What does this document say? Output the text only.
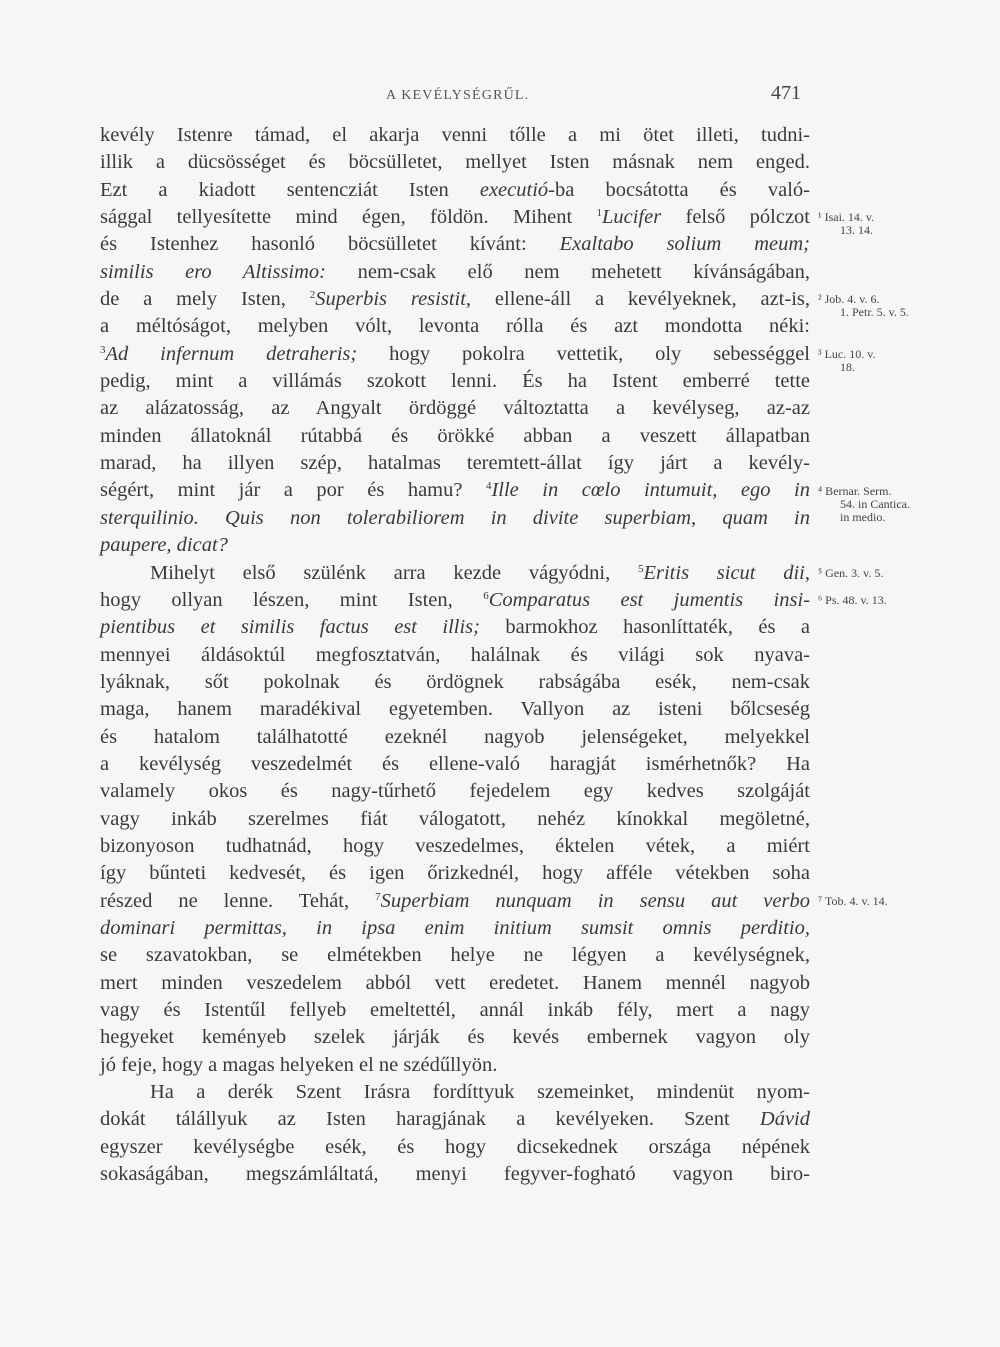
A KEVÉLYSÉGRŰL.	471
kevély Istenre támad, el akarja venni tőlle a mi ötet illeti, tudni-
illik a dücsösséget és böcsülletet, mellyet Isten másnak nem enged.
Ezt a kiadott sentencziát Isten executió-ba bocsátotta és való-
sággal tellyesítette mind égen, földön. Mihent $^1$Lucifer felső pólczot
és Istenhez hasonló böcsülletet kívánt: Exaltabo solium meum;
similis ero Altissimo: nem-csak elő nem mehetett kívánságában,
de a mely Isten, $^2$Superbis resistit, ellene-áll a kevélyeknek, azt-is,
a méltóságot, melyben vólt, levonta rólla és azt mondotta néki:
$^3$Ad infernum detraheris; hogy pokolra vettetik, oly sebességgel
pedig, mint a villámás szokott lenni. És ha Istent emberré tette
az alázatosság, az Angyalt ördöggé változtatta a kevélyseg, az-az
minden állatoknál rútabbá és örökké abban a veszett állapatban
marad, ha illyen szép, hatalmas teremtett-állat így járt a kevély-
ségért, mint jár a por és hamu? $^4$Ille in cœlo intumuit, ego in
sterquilinio. Quis non tolerabiliorem in divite superbiam, quam in
paupere, dicat?
Mihelyt első szülénk arra kezde vágyódni, $^5$Eritis sicut dii,
hogy ollyan lészen, mint Isten, $^6$Comparatus est jumentis insi-
pientibus et similis factus est illis; barmokhoz hasonlíttaték, és a
mennyei áldásoktúl megfosztatván, halálnak és világi sok nyava-
lyáknak, sőt pokolnak és ördögnek rabságába esék, nem-csak
maga, hanem maradékival egyetemben. Vallyon az isteni bőlcseség
és hatalom találhatotté ezeknél nagyob jelenségeket, melyekkel
a kevélység veszedelmét és ellene-való haragját ismérhetnők? Ha
valamely okos és nagy-tűrhető fejedelem egy kedves szolgáját
vagy inkáb szerelmes fiát válogatott, nehéz kínokkal megöletné,
bizonyoson tudhatnád, hogy veszedelmes, éktelen vétek, a miért
így bűnteti kedvesét, és igen őrizkednél, hogy afféle vétekben soha
részed ne lenne. Tehát, $^7$Superbiam nunquam in sensu aut verbo
dominari permittas, in ipsa enim initium sumsit omnis perditio,
se szavatokban, se elmétekben helye ne légyen a kevélységnek,
mert minden veszedelem abból vett eredetet. Hanem mennél nagyob
vagy és Istentűl fellyeb emeltettél, annál inkáb fély, mert a nagy
hegyeket keményeb szelek járják és kevés embernek vagyon oly
jó feje, hogy a magas helyeken el ne szédűllyön.
Ha a derék Szent Irásra fordíttyuk szemeinket, mindenüt nyom-
dokát tálállyuk az Isten haragjának a kevélyeken. Szent Dávid
egyszer kevélységbe esék, és hogy dicsekednek országa népének
sokaságában, megszámláltatá, menyi fegyver-fogható vagyon biro-
¹ Isai. 14. v.
13. 14.
² Job. 4. v. 6.
1. Petr. 5. v. 5.
³ Luc. 10. v.
18.
⁴ Bernar. Serm.
54. in Cantica.
in medio.
⁵ Gen. 3. v. 5.
⁶ Ps. 48. v. 13.
⁷ Tob. 4. v. 14.
